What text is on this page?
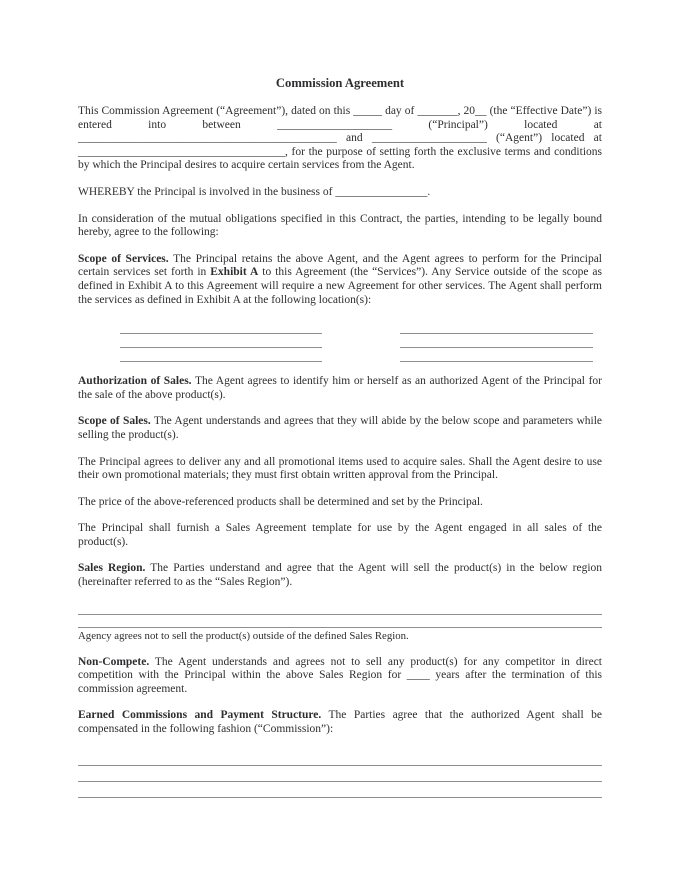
Commission Agreement

This Commission Agreement (“Agreement”), dated on this _____ day of _______, 20__ (the “Effective Date”) is entered into between ____________________ (“Principal”) located at _____________________________________________ and ____________________ (“Agent”) located at ____________________________________, for the purpose of setting forth the exclusive terms and conditions by which the Principal desires to acquire certain services from the Agent.

WHEREBY the Principal is involved in the business of ________________.

In consideration of the mutual obligations specified in this Contract, the parties, intending to be legally bound hereby, agree to the following:

Scope of Services. The Principal retains the above Agent, and the Agent agrees to perform for the Principal certain services set forth in Exhibit A to this Agreement (the “Services”). Any Service outside of the scope as defined in Exhibit A to this Agreement will require a new Agreement for other services. The Agent shall perform the services as defined in Exhibit A at the following location(s):

Authorization of Sales. The Agent agrees to identify him or herself as an authorized Agent of the Principal for the sale of the above product(s).

Scope of Sales. The Agent understands and agrees that they will abide by the below scope and parameters while selling the product(s).

The Principal agrees to deliver any and all promotional items used to acquire sales. Shall the Agent desire to use their own promotional materials; they must first obtain written approval from the Principal.

The price of the above-referenced products shall be determined and set by the Principal.

The Principal shall furnish a Sales Agreement template for use by the Agent engaged in all sales of the product(s).

Sales Region. The Parties understand and agree that the Agent will sell the product(s) in the below region (hereinafter referred to as the “Sales Region”).

Agency agrees not to sell the product(s) outside of the defined Sales Region.

Non-Compete. The Agent understands and agrees not to sell any product(s) for any competitor in direct competition with the Principal within the above Sales Region for ____ years after the termination of this commission agreement.

Earned Commissions and Payment Structure. The Parties agree that the authorized Agent shall be compensated in the following fashion (“Commission”):
